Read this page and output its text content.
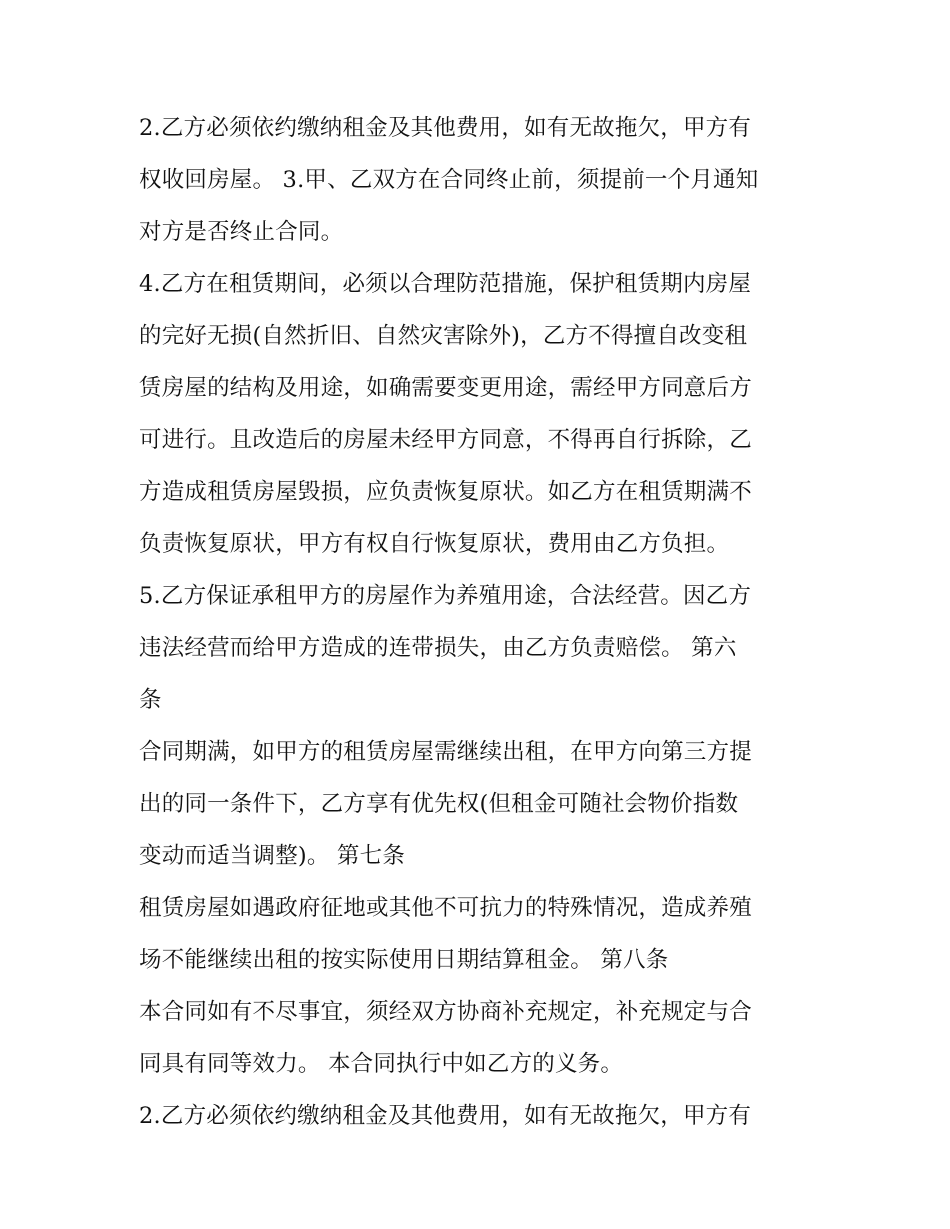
2.乙方必须依约缴纳租金及其他费用，如有无故拖欠，甲方有
权收回房屋。 3.甲、乙双方在合同终止前，须提前一个月通知
对方是否终止合同。
4.乙方在租赁期间，必须以合理防范措施，保护租赁期内房屋
的完好无损(自然折旧、自然灾害除外)，乙方不得擅自改变租
赁房屋的结构及用途，如确需要变更用途，需经甲方同意后方
可进行。且改造后的房屋未经甲方同意，不得再自行拆除，乙
方造成租赁房屋毁损，应负责恢复原状。如乙方在租赁期满不
负责恢复原状，甲方有权自行恢复原状，费用由乙方负担。
5.乙方保证承租甲方的房屋作为养殖用途，合法经营。因乙方
违法经营而给甲方造成的连带损失，由乙方负责赔偿。 第六
条
合同期满，如甲方的租赁房屋需继续出租，在甲方向第三方提
出的同一条件下，乙方享有优先权(但租金可随社会物价指数
变动而适当调整)。 第七条
租赁房屋如遇政府征地或其他不可抗力的特殊情况，造成养殖
场不能继续出租的按实际使用日期结算租金。 第八条
本合同如有不尽事宜，须经双方协商补充规定，补充规定与合
同具有同等效力。 本合同执行中如乙方的义务。
2.乙方必须依约缴纳租金及其他费用，如有无故拖欠，甲方有
